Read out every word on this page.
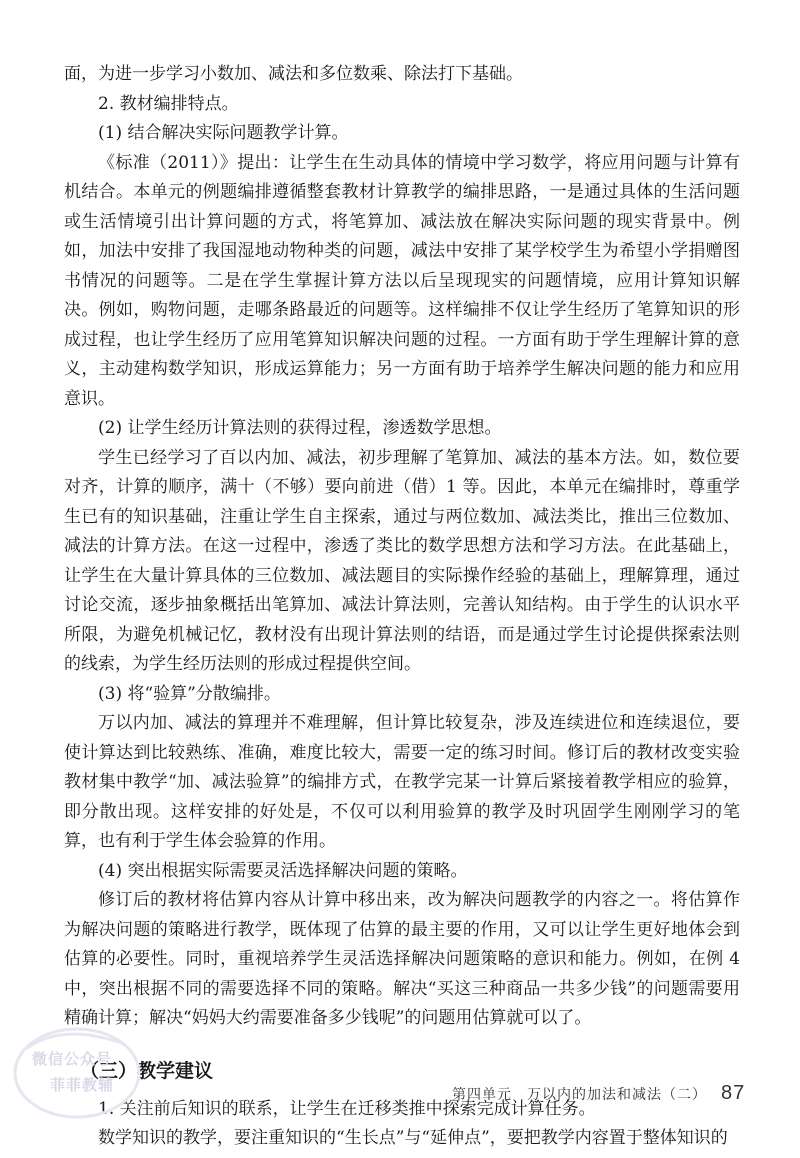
面，为进一步学习小数加、减法和多位数乘、除法打下基础。

2. 教材编排特点。

(1) 结合解决实际问题教学计算。

《标准（2011）》提出：让学生在生动具体的情境中学习数学，将应用问题与计算有机结合。本单元的例题编排遵循整套教材计算教学的编排思路，一是通过具体的生活问题或生活情境引出计算问题的方式，将笔算加、减法放在解决实际问题的现实背景中。例如，加法中安排了我国湿地动物种类的问题，减法中安排了某学校学生为希望小学捐赠图书情况的问题等。二是在学生掌握计算方法以后呈现现实的问题情境，应用计算知识解决。例如，购物问题，走哪条路最近的问题等。这样编排不仅让学生经历了笔算知识的形成过程，也让学生经历了应用笔算知识解决问题的过程。一方面有助于学生理解计算的意义，主动建构数学知识，形成运算能力；另一方面有助于培养学生解决问题的能力和应用意识。

(2) 让学生经历计算法则的获得过程，渗透数学思想。

学生已经学习了百以内加、减法，初步理解了笔算加、减法的基本方法。如，数位要对齐，计算的顺序，满十（不够）要向前进（借）1 等。因此，本单元在编排时，尊重学生已有的知识基础，注重让学生自主探索，通过与两位数加、减法类比，推出三位数加、减法的计算方法。在这一过程中，渗透了类比的数学思想方法和学习方法。在此基础上，让学生在大量计算具体的三位数加、减法题目的实际操作经验的基础上，理解算理，通过讨论交流，逐步抽象概括出笔算加、减法计算法则，完善认知结构。由于学生的认识水平所限，为避免机械记忆，教材没有出现计算法则的结语，而是通过学生讨论提供探索法则的线索，为学生经历法则的形成过程提供空间。

(3) 将“验算”分散编排。

万以内加、减法的算理并不难理解，但计算比较复杂，涉及连续进位和连续退位，要使计算达到比较熟练、准确，难度比较大，需要一定的练习时间。修订后的教材改变实验教材集中教学“加、减法验算”的编排方式，在教学完某一计算后紧接着教学相应的验算，即分散出现。这样安排的好处是，不仅可以利用验算的教学及时巩固学生刚刚学习的笔算，也有利于学生体会验算的作用。

(4) 突出根据实际需要灵活选择解决问题的策略。

修订后的教材将估算内容从计算中移出来，改为解决问题教学的内容之一。将估算作为解决问题的策略进行教学，既体现了估算的最主要的作用，又可以让学生更好地体会到估算的必要性。同时，重视培养学生灵活选择解决问题策略的意识和能力。例如，在例 4 中，突出根据不同的需要选择不同的策略。解决“买这三种商品一共多少钱”的问题需要用精确计算；解决“妈妈大约需要准备多少钱呢”的问题用估算就可以了。

（三）教学建议

1. 关注前后知识的联系，让学生在迁移类推中探索完成计算任务。

数学知识的教学，要注重知识的“生长点”与“延伸点”，要把教学内容置于整体知识的

微信公众号
菲菲教辅
第四单元　万以内的加法和减法（二） 87
